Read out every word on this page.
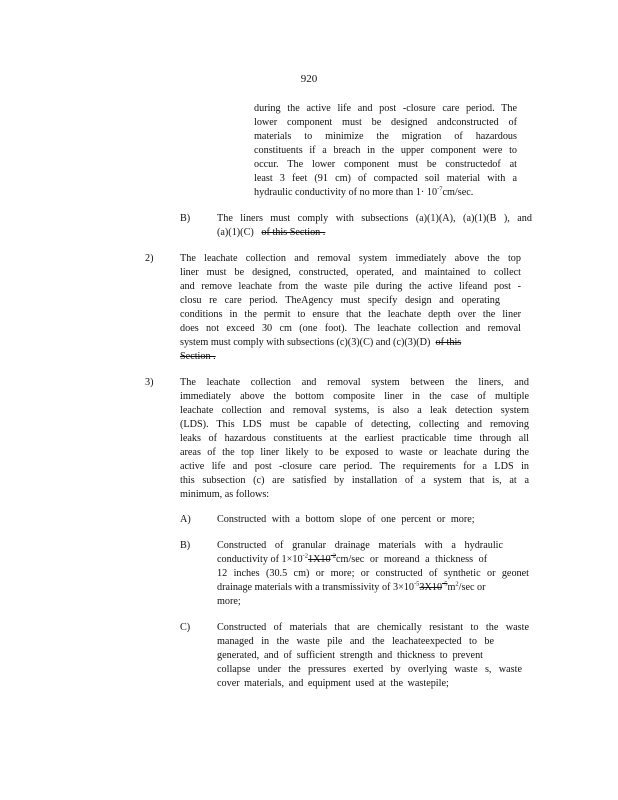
920
during the active life and post -closure care period. The
lower component must be designed andconstructed of
materials to minimize the migration of hazardous
constituents if a breach in the upper component were to
occur. The lower component must be constructedof at
least 3 feet (91 cm) of compacted soil material with a
hydraulic conductivity of no more than $1\cdot 10^{-7}cm/\sec$.
B)	The liners must comply with subsections (a)(1)(A), (a)(1)(B ), and
(a)(1)(C) of this Section .
2)	The leachate collection and removal system immediately above the top
liner must be designed, constructed, operated, and maintained to collect
and remove leachate from the waste pile during the active lifeand post -
closu re care period. TheAgency must specify design and operating
conditions in the permit to ensure that the leachate depth over the liner
does not exceed 30 cm (one foot). The leachate collection and removal
system must comply with subsections (c)(3)(C) and (c)(3)(D) of this
Section .
3)	The leachate collection and removal system between the liners, and
immediately above the bottom composite liner in the case of multiple
leachate collection and removal systems, is also a leak detection system
(LDS). This LDS must be capable of detecting, collecting and removing
leaks of hazardous constituents at the earliest practicable time through all
areas of the top liner likely to be exposed to waste or leachate during the
active life and post -closure care period. The requirements for a LDS in
this subsection (c) are satisfied by installation of a system that is, at a
minimum, as follows:
A)	Constructed with a bottom slope of one percent or more;
B)	Constructed of granular drainage materials with a hydraulic
conductivity of $1\times 10^{-2}1X10^{-2}cm/\sec$ or moreand a thickness of
12 inches (30.5 cm) or more; or constructed of synthetic or geonet
drainage materials with a transmissivity of $3\times 10^{-5}3X10^{-5}m^2/\sec$ or
more;
C)	Constructed of materials that are chemically resistant to the waste
managed in the waste pile and the leachateexpected to be
generated, and of sufficient strength and thickness to prevent
collapse under the pressures exerted by overlying waste s, waste
cover materials, and equipment used at the wastepile;
